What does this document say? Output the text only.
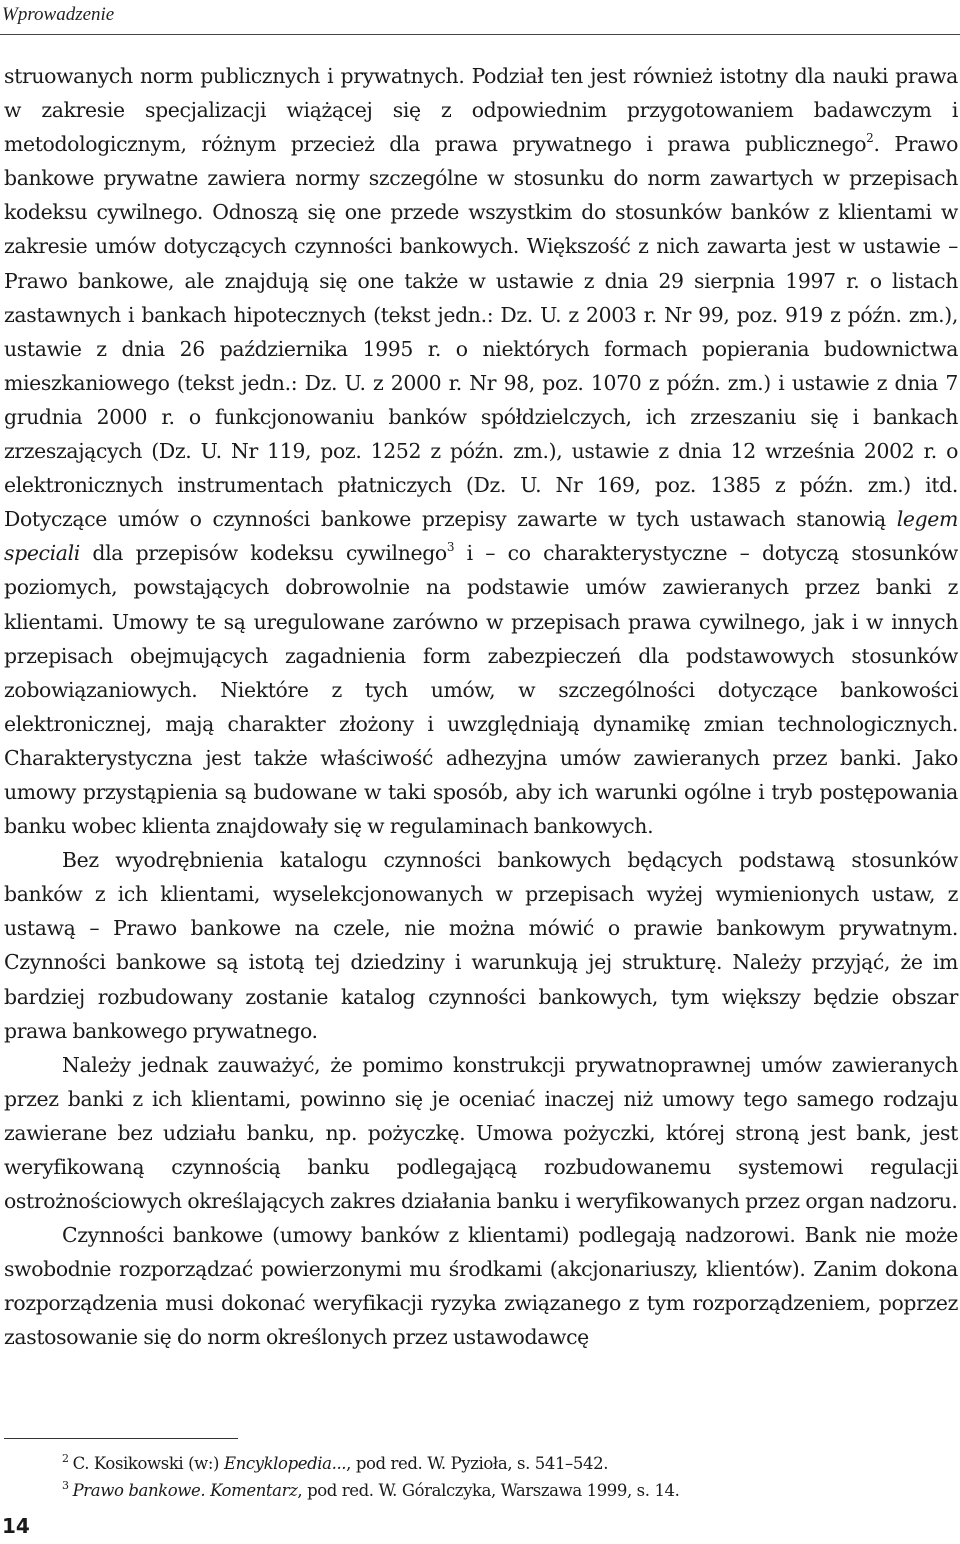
Wprowadzenie

struowanych norm publicznych i prywatnych. Podział ten jest również istotny dla nauki prawa w zakresie specjalizacji wiążącej się z odpowiednim przygotowaniem badawczym i metodologicznym, różnym przecież dla prawa prywatnego i prawa publicznego$^2$. Prawo bankowe prywatne zawiera normy szczególne w stosunku do norm zawartych w przepisach kodeksu cywilnego. Odnoszą się one przede wszystkim do stosunków banków z klientami w zakresie umów dotyczących czynności bankowych. Większość z nich zawarta jest w ustawie – Prawo bankowe, ale znajdują się one także w ustawie z dnia 29 sierpnia 1997 r. o listach zastawnych i bankach hipotecznych (tekst jedn.: Dz. U. z 2003 r. Nr 99, poz. 919 z późn. zm.), ustawie z dnia 26 października 1995 r. o niektórych formach popierania budownictwa mieszkaniowego (tekst jedn.: Dz. U. z 2000 r. Nr 98, poz. 1070 z późn. zm.) i ustawie z dnia 7 grudnia 2000 r. o funkcjonowaniu banków spółdzielczych, ich zrzeszaniu się i bankach zrzeszających (Dz. U. Nr 119, poz. 1252 z późn. zm.), ustawie z dnia 12 września 2002 r. o elektronicznych instrumentach płatniczych (Dz. U. Nr 169, poz. 1385 z późn. zm.) itd. Dotyczące umów o czynności bankowe przepisy zawarte w tych ustawach stanowią legem speciali dla przepisów kodeksu cywilnego$^3$ i – co charakterystyczne – dotyczą stosunków poziomych, powstających dobrowolnie na podstawie umów zawieranych przez banki z klientami. Umowy te są uregulowane zarówno w przepisach prawa cywilnego, jak i w innych przepisach obejmujących zagadnienia form zabezpieczeń dla podstawowych stosunków zobowiązaniowych. Niektóre z tych umów, w szczególności dotyczące bankowości elektronicznej, mają charakter złożony i uwzględniają dynamikę zmian technologicznych. Charakterystyczna jest także właściwość adhezyjna umów zawieranych przez banki. Jako umowy przystąpienia są budowane w taki sposób, aby ich warunki ogólne i tryb postępowania banku wobec klienta znajdowały się w regulaminach bankowych.

Bez wyodrębnienia katalogu czynności bankowych będących podstawą stosunków banków z ich klientami, wyselekcjonowanych w przepisach wyżej wymienionych ustaw, z ustawą – Prawo bankowe na czele, nie można mówić o prawie bankowym prywatnym. Czynności bankowe są istotą tej dziedziny i warunkują jej strukturę. Należy przyjąć, że im bardziej rozbudowany zostanie katalog czynności bankowych, tym większy będzie obszar prawa bankowego prywatnego.

Należy jednak zauważyć, że pomimo konstrukcji prywatnoprawnej umów zawieranych przez banki z ich klientami, powinno się je oceniać inaczej niż umowy tego samego rodzaju zawierane bez udziału banku, np. pożyczkę. Umowa pożyczki, której stroną jest bank, jest weryfikowaną czynnością banku podlegającą rozbudowanemu systemowi regulacji ostrożnościowych określających zakres działania banku i weryfikowanych przez organ nadzoru.

Czynności bankowe (umowy banków z klientami) podlegają nadzorowi. Bank nie może swobodnie rozporządzać powierzonymi mu środkami (akcjonariuszy, klientów). Zanim dokona rozporządzenia musi dokonać weryfikacji ryzyka związanego z tym rozporządzeniem, poprzez zastosowanie się do norm określonych przez ustawodawcę

$^2$ C. Kosikowski (w:) Encyklopedia..., pod red. W. Pyzioła, s. 541–542.
$^3$ Prawo bankowe. Komentarz, pod red. W. Góralczyka, Warszawa 1999, s. 14.
14
